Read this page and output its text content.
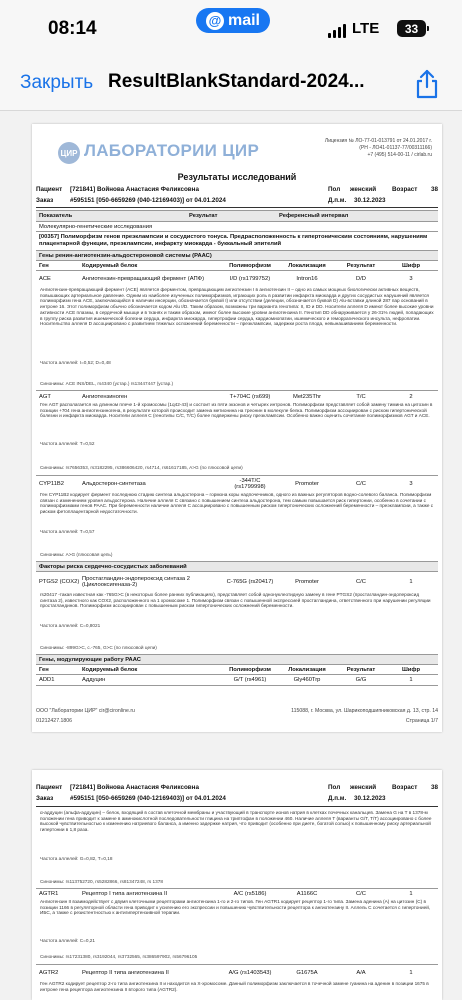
08:14	@ mail	LTE 33
Закрыть ResultBlankStandard-2024...
ЦИР ЛАБОРАТОРИИ ЦИР	Лицензия № ЛО-77-01-013791 от 24.01.2017 г.
(РН - ЛО41-01137-77/00311166)
+7 (495) 514-00-11 / cirlab.ru
Результаты исследований
Пациент	[721841] Войнова Анастасия Феликсовна	Пол	женский	Возраст	38
Заказ	#595151 [050-6659269 (040-12169403)] от 04.01.2024	Д.п.м.	30.12.2023
Показатель	Результат	Референсный интервал
Молекулярно-генетические исследования
[00357] Полиморфизм генов преэклампсии и сосудистого тонуса. Предрасположенность к гипертоническим состояниям, нарушениям плацентарной функции, преэклампсии, инфаркту миокарда - буккальный эпителий
Гены ренин-ангиотензин-альдостероновой системы (РААС)
Ген	Кодируемый белок	Полиморфизм	Локализация	Результат	Шифр
ACE	Ангиотензин-превращающий фермент (АПФ)	I/D (rs1799752)	Intron16	D/D	3
Ангиотензин-превращающий фермент (ACE) является ферментом, превращающим ангиотензин I в ангиотензин II – одно из самых мощных биологически активных веществ, повышающих артериальное давление. Одним из наиболее изученных полиморфизмов, играющих роль в развитии инфаркта миокарда и других сосудистых нарушений является полиморфизм гена ACE, заключающийся в наличии инсерции, обозначается буквой I) или отсутствии (делеции, обозначается буквой D) Alu-вставки длиной 287 пар оснований в интроне 16. Этот полиморфизм обычно обозначается кодом Alu I/D. Таким образом, возможны три варианта генотипа: II, ID и DD. Носители аллеля D имеют более высокие уровни активности ACE плазмы, в сердечной мышце и в тканях и таким образом, имеют более высокие уровни ангиотензина II. Генотип DD обнаруживается у 26-31% людей, попадающих в группу риска развития ишемической болезни сердца, инфаркта миокарда, гипертрофии сердца, кардиомиопатии, ишемического и геморрагического инсульта, нефропатии. Носительство аллеля D ассоциировано с развитием тяжелых осложнений беременности – преэклампсии, задержки роста плода, невынашиванием беременности.
Частота аллелей: I=0,52; D=0,48
Синонимы: ACE INS/DEL, rs4340 (устар.) rs13447447 (устар.)
AGT	Ангиотензиноген	T+704C (rs699)	Met235Thr	T/C	2
Ген AGT располагается на длинном плече 1-й хромосомы (1q42-43) и состоит из пяти экзонов и четырех интронов. Полиморфизм представляет собой замену тимина на цитозин в позиции +704 гена ангиотензиногена, в результате которой происходит замена метионина на треонин в молекуле белка. Полиморфизм ассоциирован с риском гипертонической болезни и инфаркта миокарда. Носители аллеля С (генотипы С/С, Т/С) более подвержены риску преэклампсии. Особенно важно оценить сочетание полиморфизмов AGT и ACE.
Частота аллелей: T=0,52
Синонимы: rs7656353, rs3182295, rs386606420, rs4714, rs61617185, A>G (по плюсовой цепи)
CYP11B2	Альдостерон-синтетаза	-344T/C (rs1799998)	Promoter	C/C	3
Ген CYP11B2 кодирует фермент последнюю стадию синтеза альдостерона – гормона коры надпочечников, одного из важных регуляторов водно-солевого баланса. Полиморфизм связан с изменением уровня альдостерона. Наличие аллеля С связано с повышением синтеза альдостерона, тем самым повышается риск гипертонии, особенно в сочетании с полиморфизмами генов РААС. При беременности наличие аллеля С ассоциировано с повышенным риском гипертонических осложнений беременности – преэклампсии, а также с риском фетоплацентарной недостаточности.
Частота аллелей: T=0,57
Синонимы: A>G (плюсовая цепь)
Факторы риска сердечно-сосудистых заболеваний
PTGS2 (COX2) Простагландин-эндопероксид синтаза 2 (Циклооксигеназа-2)	C-765G (rs20417)	Promoter	C/C	1
rs20417 -такая известная как -765G>C (в некоторых более ранних публикациях), представляет собой однонуклеотидную замену в гене PTGS2 (простагландин-эндопероксид синтаза 2), известного как COX2, расположенного на 1 хромосоме 1. Полиморфизм связан с повышенной экспрессией простагландина, ответственного при нарушении регуляции простагландинов. Полиморфизм ассоциирован с повышенным риском гипертонических осложнений беременности.
Частота аллелей: C=0,8021
Синонимы: -899G>C, c.-765, G>C (по плюсовой цепи)
Гены, модулирующие работу РААС
Ген	Кодируемый белок	Полиморфизм	Локализация	Результат	Шифр
ADD1	Аддуцин	G/T (rs4961)	Gly460Trp	G/G	1
ООО "Лаборатории ЦИР" cir@cironline.ru	115088, г. Москва, ул. Шарикоподшипниковская д. 13, стр. 14
01212427.1806	Страница 1/7
Пациент	[721841] Войнова Анастасия Феликсовна	Пол	женский	Возраст	38
Заказ	#595151 [050-6659269 (040-12169403)] от 04.01.2024	Д.п.м.	30.12.2023
α-аддуцин (альфа-аддуцин) – белок, входящий в состав клеточной мембраны и участвующий в транспорте ионов натрия в клетках почечных канальцев. Замена G на T в 1378-м положении гена приводит к замене в аминокислотной последовательности глицина на триптофан в положении 460. Наличие аллеля T (варианты G/T, T/T) ассоциировано с более высокой чувствительностью к изменению натриевого баланса, а именно задержке натрия, что приводит (особенно при диете, богатой солью) к повышенному риску артериальной гипертонии в 1,8 раза.
Частота аллелей: G=0,82, T=0,18
Синонимы: rs113752720, rs5282866, rs81347248, rs 1378
AGTR1	Рецептор I типа ангиотензина II	A/C (rs5186)	A1166C	C/C	1
Ангиотензин II взаимодействует с двумя клеточными рецепторами ангиотензина 1-го и 2-го типов. Ген AGTR1 кодирует рецептор 1-го типа. Замена аденина (А) на цитозин (С) в позиции 1166 в регуляторной области гена приводит к усилению его экспрессии и повышению чувствительности рецептора к ангиотензину II. Аллель С сочетается с гипертонией, ИБС, а также с резистентностью к антигипертензивной терапии.
Частота аллелей: C=0,21
Синонимы: rs17231380, rs3192044, rs3732565, rs386597902, rs56796105
AGTR2	Рецептор II типа ангиотензина II	A/G (rs1403543)	G1675A	A/A	1
Ген AGTR2 кодирует рецептор 2-го типа ангиотензина II и находится на X-хромосоме. Данный полиморфизм заключается в точечной замене гуанина на аденин в позиции 1675 в интроне гена рецептора ангиотензина II второго типа (AGTR2).
